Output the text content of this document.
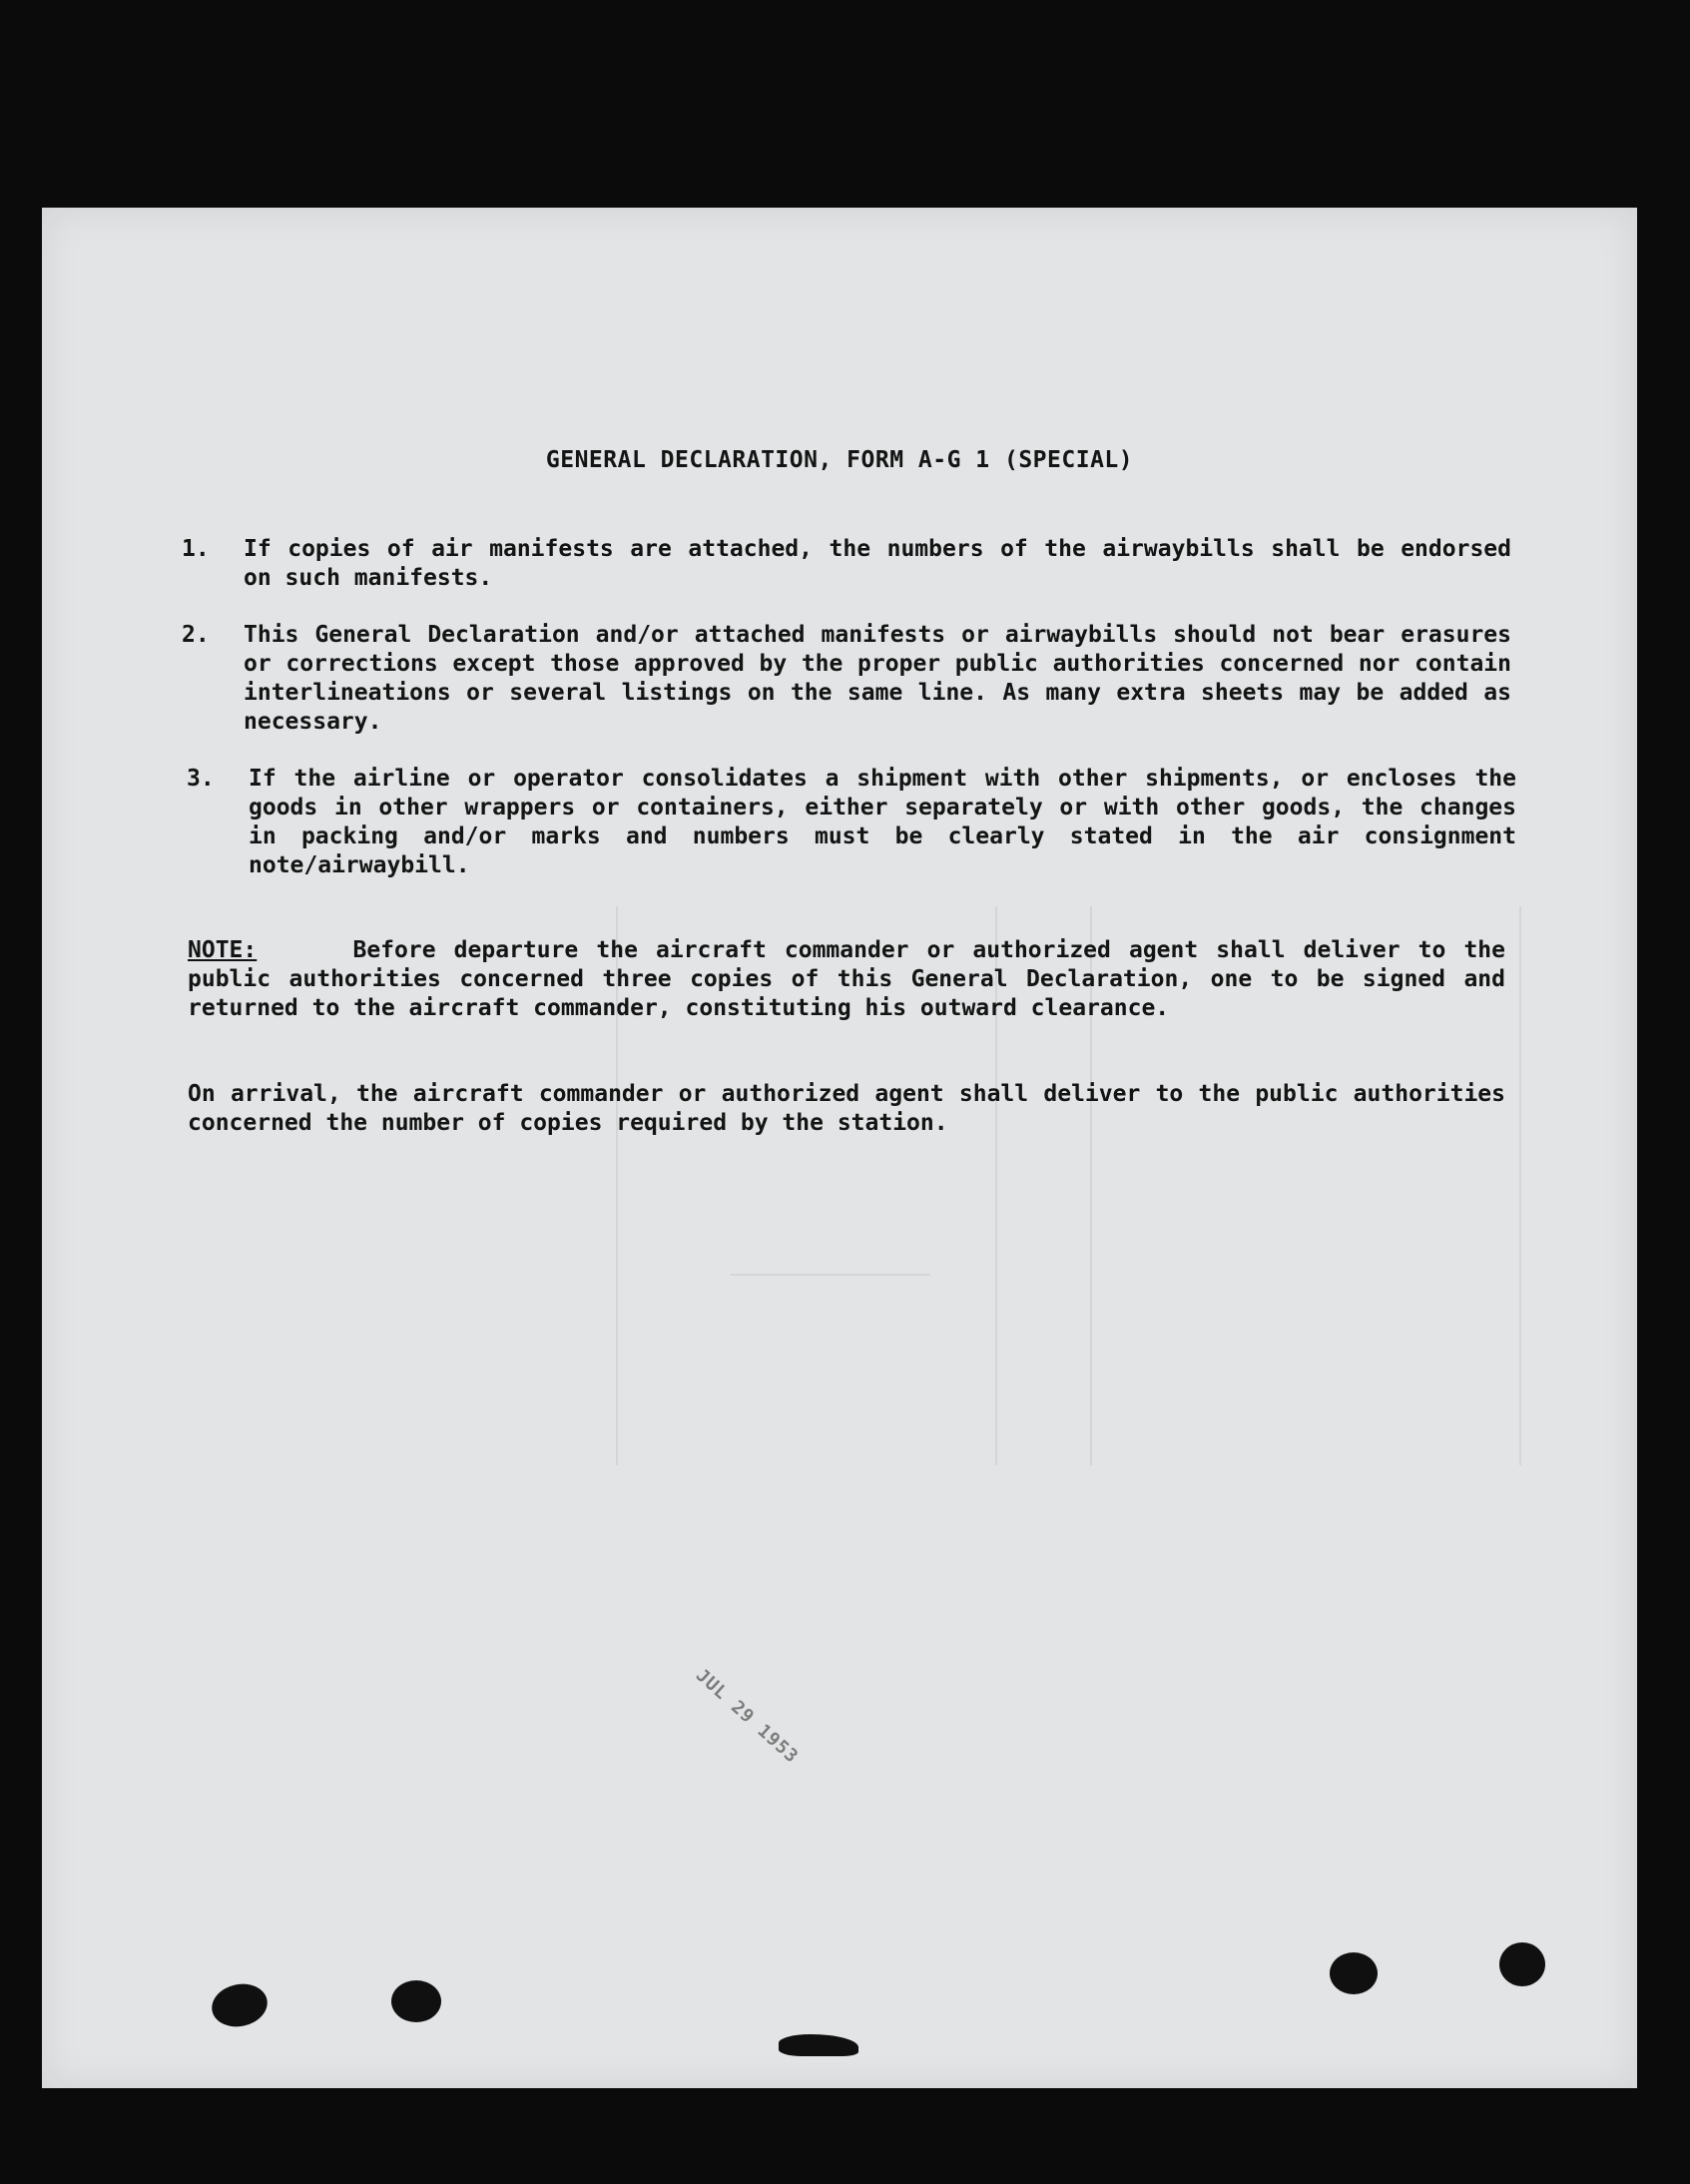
GENERAL DECLARATION, FORM A-G 1 (SPECIAL)
1.	If copies of air manifests are attached, the numbers of the airwaybills shall be endorsed on such manifests.
2.	This General Declaration and/or attached manifests or airwaybills should not bear erasures or corrections except those approved by the proper public authorities concerned nor contain interlineations or several listings on the same line. As many extra sheets may be added as necessary.
3.	If the airline or operator consolidates a shipment with other shipments, or encloses the goods in other wrappers or containers, either separately or with other goods, the changes in packing and/or marks and numbers must be clearly stated in the air consignment note/airwaybill.
NOTE:	Before departure the aircraft commander or authorized agent shall deliver to the public authorities concerned three copies of this General Declaration, one to be signed and returned to the aircraft commander, constituting his outward clearance.
On arrival, the aircraft commander or authorized agent shall deliver to the public authorities concerned the number of copies required by the station.
JUL 29 1953
